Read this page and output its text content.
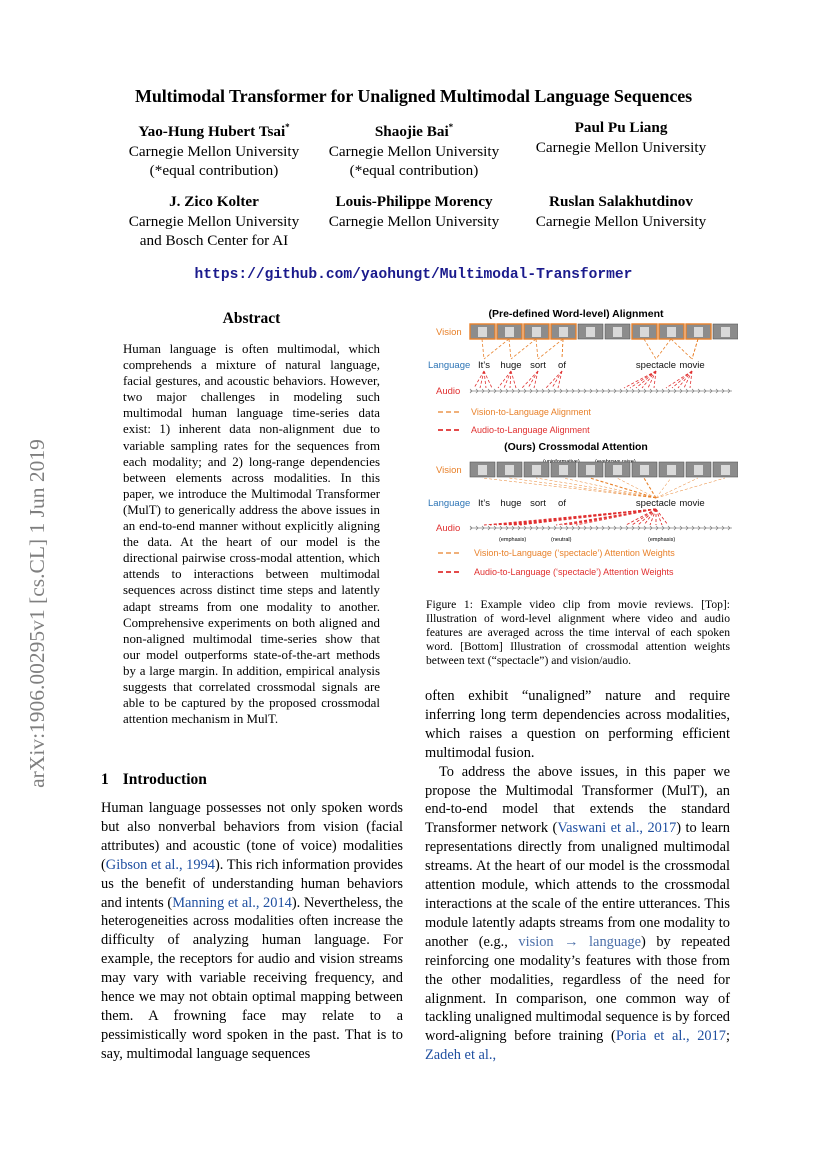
Multimodal Transformer for Unaligned Multimodal Language Sequences
Yao-Hung Hubert Tsai*
Carnegie Mellon University
(*equal contribution)
Shaojie Bai*
Carnegie Mellon University
(*equal contribution)
Paul Pu Liang
Carnegie Mellon University
J. Zico Kolter
Carnegie Mellon University
and Bosch Center for AI
Louis-Philippe Morency
Carnegie Mellon University
Ruslan Salakhutdinov
Carnegie Mellon University
https://github.com/yaohungt/Multimodal-Transformer
arXiv:1906.00295v1 [cs.CL] 1 Jun 2019
Abstract
Human language is often multimodal, which comprehends a mixture of natural language, facial gestures, and acoustic behaviors. However, two major challenges in modeling such multimodal human language time-series data exist: 1) inherent data non-alignment due to variable sampling rates for the sequences from each modality; and 2) long-range dependencies between elements across modalities. In this paper, we introduce the Multimodal Transformer (MulT) to generically address the above issues in an end-to-end manner without explicitly aligning the data. At the heart of our model is the directional pairwise cross-modal attention, which attends to interactions between multimodal sequences across distinct time steps and latently adapt streams from one modality to another. Comprehensive experiments on both aligned and non-aligned multimodal time-series show that our model outperforms state-of-the-art methods by a large margin. In addition, empirical analysis suggests that correlated crossmodal signals are able to be captured by the proposed crossmodal attention mechanism in MulT.
1 Introduction

Human language possesses not only spoken words but also nonverbal behaviors from vision (facial attributes) and acoustic (tone of voice) modalities (Gibson et al., 1994). This rich information provides us the benefit of understanding human behaviors and intents (Manning et al., 2014). Nevertheless, the heterogeneities across modalities often increase the difficulty of analyzing human language. For example, the receptors for audio and vision streams may vary with variable receiving frequency, and hence we may not obtain optimal mapping between them. A frowning face may relate to a pessimistically word spoken in the past. That is to say, multimodal language sequences

(Pre-defined Word-level) Alignment
Vision
Language It’s huge sort of	spectacle movie
Audio
Vision-to-Language Alignment
Audio-to-Language Alignment
(Ours) Crossmodal Attention
Vision
Language It’s huge sort of	spectacle movie
Audio
(emphasis)	(neutral)	(emphasis)
Vision-to-Language (‘spectacle’) Attention Weights
Audio-to-Language (‘spectacle’) Attention Weights
Figure 1: Example video clip from movie reviews. [Top]: Illustration of word-level alignment where video and audio features are averaged across the time interval of each spoken word. [Bottom] Illustration of crossmodal attention weights between text (“spectacle”) and vision/audio.

often exhibit “unaligned” nature and require inferring long term dependencies across modalities, which raises a question on performing efficient multimodal fusion.

To address the above issues, in this paper we propose the Multimodal Transformer (MulT), an end-to-end model that extends the standard Transformer network (Vaswani et al., 2017) to learn representations directly from unaligned multimodal streams. At the heart of our model is the crossmodal attention module, which attends to the crossmodal interactions at the scale of the entire utterances. This module latently adapts streams from one modality to another (e.g., vision → language) by repeated reinforcing one modality’s features with those from the other modalities, regardless of the need for alignment. In comparison, one common way of tackling unaligned multimodal sequence is by forced word-aligning before training (Poria et al., 2017; Zadeh et al.,
